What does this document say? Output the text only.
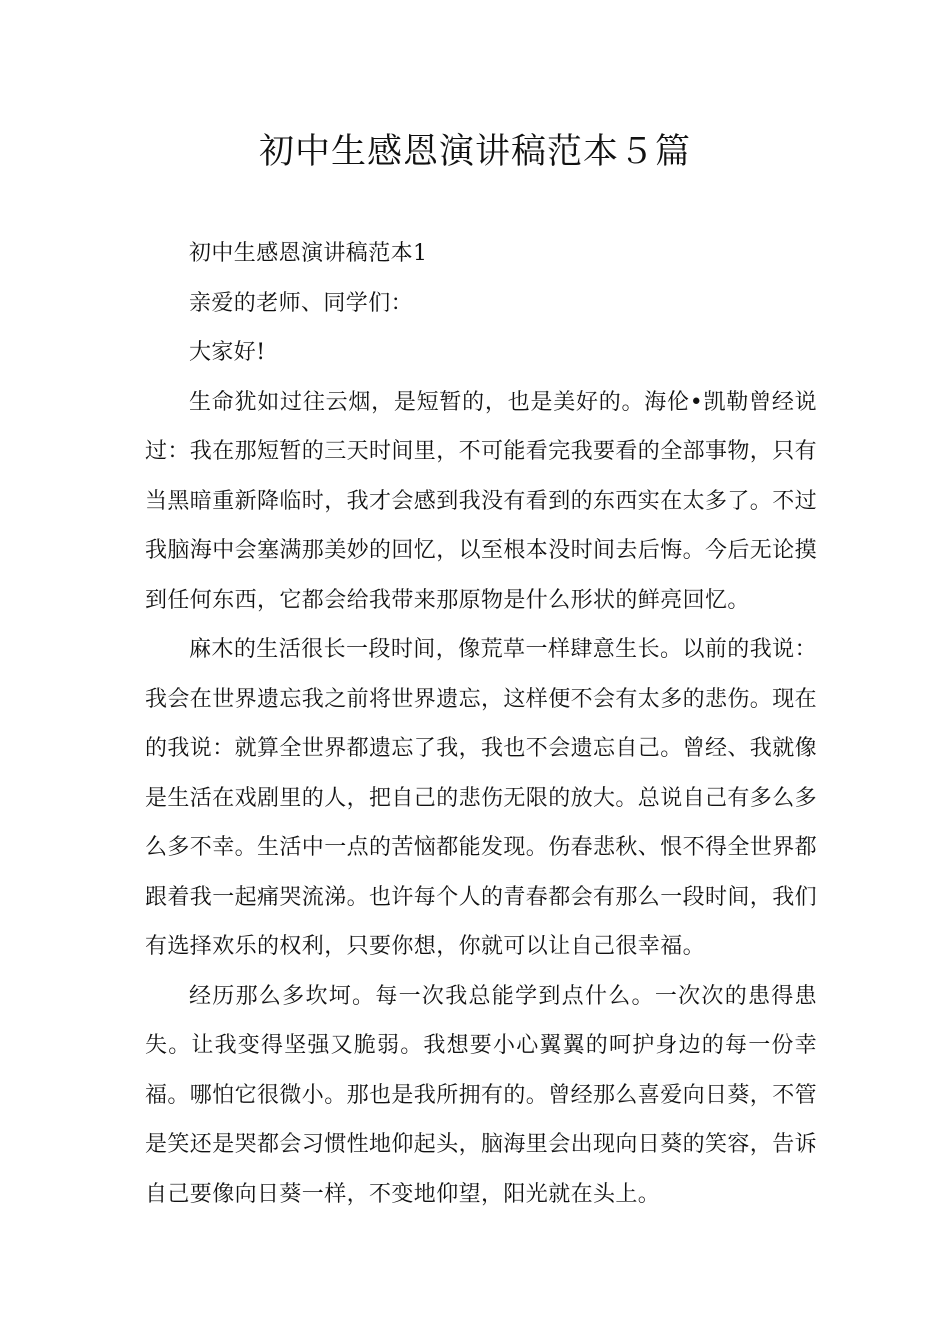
初中生感恩演讲稿范本５篇

初中生感恩演讲稿范本1

亲爱的老师、同学们：

大家好!

生命犹如过往云烟，是短暂的，也是美好的。海伦•凯勒曾经说过：我在那短暂的三天时间里，不可能看完我要看的全部事物，只有当黑暗重新降临时，我才会感到我没有看到的东西实在太多了。不过我脑海中会塞满那美妙的回忆，以至根本没时间去后悔。今后无论摸到任何东西，它都会给我带来那原物是什么形状的鲜亮回忆。

麻木的生活很长一段时间，像荒草一样肆意生长。以前的我说：我会在世界遗忘我之前将世界遗忘，这样便不会有太多的悲伤。现在的我说：就算全世界都遗忘了我，我也不会遗忘自己。曾经、我就像是生活在戏剧里的人，把自己的悲伤无限的放大。总说自己有多么多么多不幸。生活中一点的苦恼都能发现。伤春悲秋、恨不得全世界都跟着我一起痛哭流涕。也许每个人的青春都会有那么一段时间，我们有选择欢乐的权利，只要你想，你就可以让自己很幸福。

经历那么多坎坷。每一次我总能学到点什么。一次次的患得患失。让我变得坚强又脆弱。我想要小心翼翼的呵护身边的每一份幸福。哪怕它很微小。那也是我所拥有的。曾经那么喜爱向日葵，不管是笑还是哭都会习惯性地仰起头，脑海里会出现向日葵的笑容，告诉自己要像向日葵一样，不变地仰望，阳光就在头上。
